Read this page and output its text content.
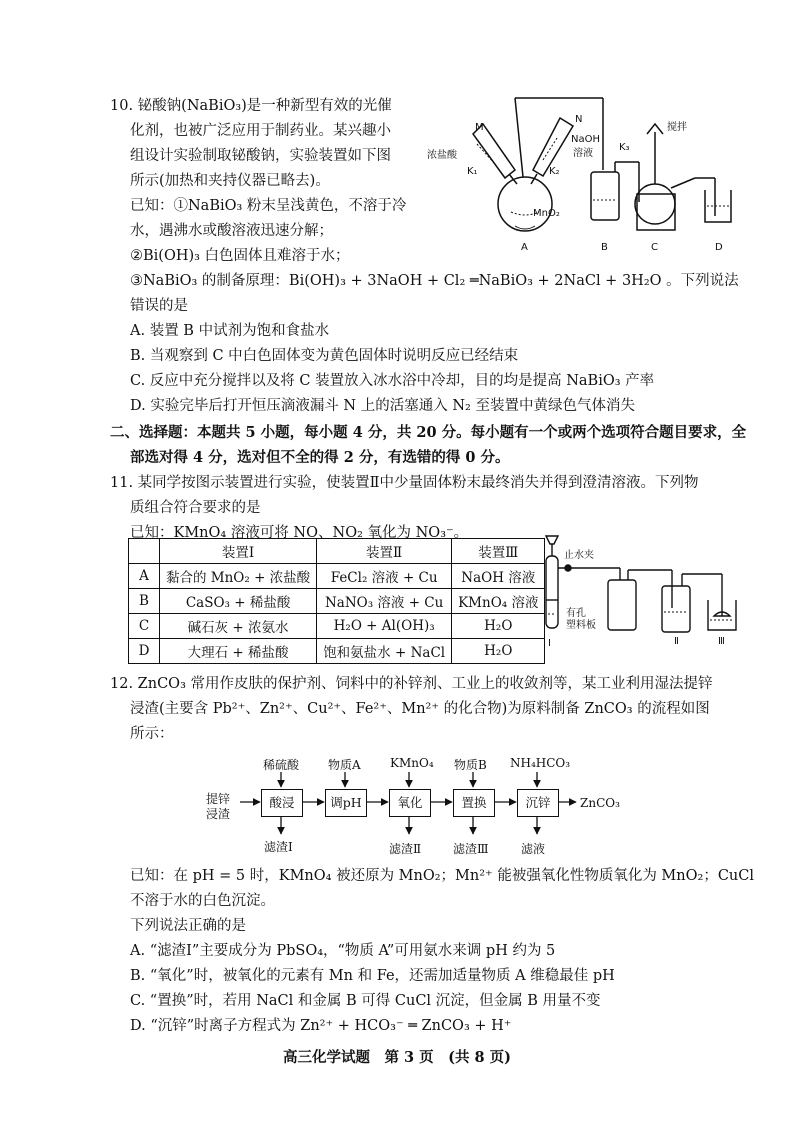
10. 铋酸钠(NaBiO₃)是一种新型有效的光催
化剂，也被广泛应用于制药业。某兴趣小
组设计实验制取铋酸钠，实验装置如下图
所示(加热和夹持仪器已略去)。
已知：①NaBiO₃ 粉末呈浅黄色，不溶于冷
水，遇沸水或酸溶液迅速分解；
②Bi(OH)₃ 白色固体且难溶于水；
③NaBiO₃ 的制备原理：Bi(OH)₃ + 3NaOH + Cl₂ ═NaBiO₃ + 2NaCl + 3H₂O 。下列说法
错误的是
A. 装置 B 中试剂为饱和食盐水
B. 当观察到 C 中白色固体变为黄色固体时说明反应已经结束
C. 反应中充分搅拌以及将 C 装置放入冰水浴中冷却，目的均是提高 NaBiO₃ 产率
D. 实验完毕后打开恒压滴液漏斗 N 上的活塞通入 N₂ 至装置中黄绿色气体消失
M
N
NaOH
溶液
浓盐酸
K₁	K₂
K₃
MnO₂
搅拌
A	B	C	D
二、选择题：本题共 5 小题，每小题 4 分，共 20 分。每小题有一个或两个选项符合题目要求，全
部选对得 4 分，选对但不全的得 2 分，有选错的得 0 分。
11. 某同学按图示装置进行实验，使装置Ⅱ中少量固体粉末最终消失并得到澄清溶液。下列物
质组合符合要求的是
已知：KMnO₄ 溶液可将 NO、NO₂ 氧化为 NO₃⁻。
	装置Ⅰ	装置Ⅱ	装置Ⅲ
A	黏合的 MnO₂ + 浓盐酸	FeCl₂ 溶液 + Cu	NaOH 溶液
B	CaSO₃ + 稀盐酸	NaNO₃ 溶液 + Cu	KMnO₄ 溶液
C	碱石灰 + 浓氨水	H₂O + Al(OH)₃	H₂O
D	大理石 + 稀盐酸	饱和氨盐水 + NaCl	H₂O
止水夹
有孔
塑料板
Ⅰ	Ⅱ	Ⅲ
12. ZnCO₃ 常用作皮肤的保护剂、饲料中的补锌剂、工业上的收敛剂等，某工业利用湿法提锌
浸渣(主要含 Pb²⁺、Zn²⁺、Cu²⁺、Fe²⁺、Mn²⁺ 的化合物)为原料制备 ZnCO₃ 的流程如图
所示：
提锌
浸渣
酸浸	调pH	氧化	置换	沉锌	ZnCO₃
稀硫酸 物质A KMnO₄ 物质B NH₄HCO₃
滤渣Ⅰ	滤渣Ⅱ	滤渣Ⅲ	滤液
已知：在 pH = 5 时，KMnO₄ 被还原为 MnO₂；Mn²⁺ 能被强氧化性物质氧化为 MnO₂；CuCl
不溶于水的白色沉淀。
下列说法正确的是
A. “滤渣Ⅰ”主要成分为 PbSO₄，“物质 A”可用氨水来调 pH 约为 5
B. “氧化”时，被氧化的元素有 Mn 和 Fe，还需加适量物质 A 维稳最佳 pH
C. “置换”时，若用 NaCl 和金属 B 可得 CuCl 沉淀，但金属 B 用量不变
D. “沉锌”时离子方程式为 Zn²⁺ + HCO₃⁻ ═ ZnCO₃ + H⁺
高三化学试题　第 3 页　(共 8 页)
